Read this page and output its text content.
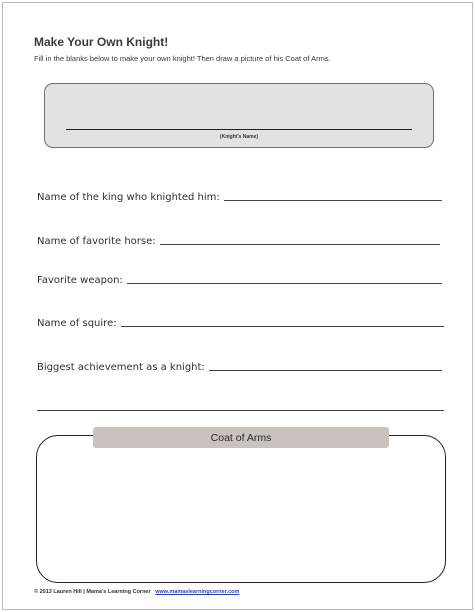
Make Your Own Knight!
Fill in the blanks below to make your own knight! Then draw a picture of his Coat of Arms.
(Knight's Name)
Name of the king who knighted him:
Name of favorite horse:
Favorite weapon:
Name of squire:
Biggest achievement as a knight:
Coat of Arms
© 2013 Lauren Hill | Mama's Learning Corner www.mamaslearningcorner.com
